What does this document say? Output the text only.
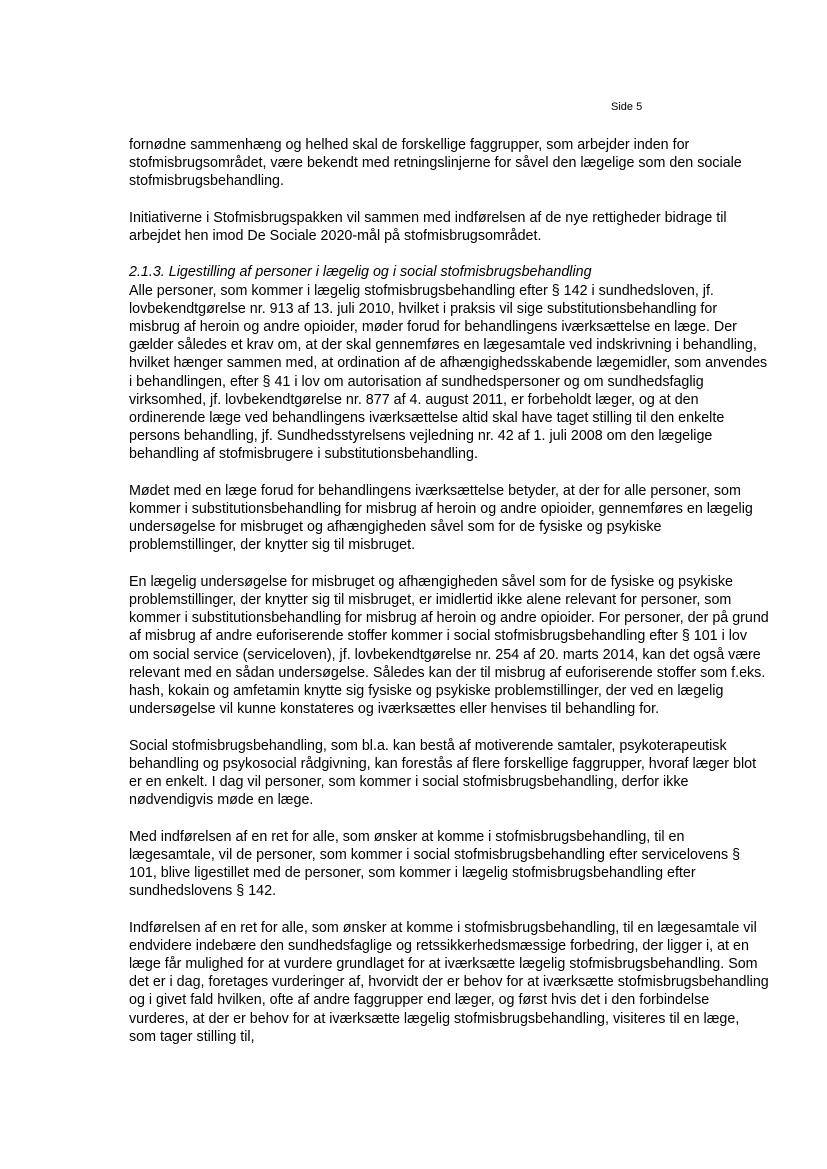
Side 5

fornødne sammenhæng og helhed skal de forskellige faggrupper, som arbejder inden for stofmisbrugsområdet, være bekendt med retningslinjerne for såvel den lægelige som den sociale stofmisbrugsbehandling.

Initiativerne i Stofmisbrugspakken vil sammen med indførelsen af de nye rettigheder bidrage til arbejdet hen imod De Sociale 2020-mål på stofmisbrugsområdet.

2.1.3. Ligestilling af personer i lægelig og i social stofmisbrugsbehandling

Alle personer, som kommer i lægelig stofmisbrugsbehandling efter § 142 i sundhedsloven, jf. lovbekendtgørelse nr. 913 af 13. juli 2010, hvilket i praksis vil sige substitutionsbehandling for misbrug af heroin og andre opioider, møder forud for behandlingens iværksættelse en læge. Der gælder således et krav om, at der skal gennemføres en lægesamtale ved indskrivning i behandling, hvilket hænger sammen med, at ordination af de afhængighedsskabende lægemidler, som anvendes i behandlingen, efter § 41 i lov om autorisation af sundhedspersoner og om sundhedsfaglig virksomhed, jf. lovbekendtgørelse nr. 877 af 4. august 2011, er forbeholdt læger, og at den ordinerende læge ved behandlingens iværksættelse altid skal have taget stilling til den enkelte persons behandling, jf. Sundhedsstyrelsens vejledning nr. 42 af 1. juli 2008 om den lægelige behandling af stofmisbrugere i substitutionsbehandling.

Mødet med en læge forud for behandlingens iværksættelse betyder, at der for alle personer, som kommer i substitutionsbehandling for misbrug af heroin og andre opioider, gennemføres en lægelig undersøgelse for misbruget og afhængigheden såvel som for de fysiske og psykiske problemstillinger, der knytter sig til misbruget.

En lægelig undersøgelse for misbruget og afhængigheden såvel som for de fysiske og psykiske problemstillinger, der knytter sig til misbruget, er imidlertid ikke alene relevant for personer, som kommer i substitutionsbehandling for misbrug af heroin og andre opioider. For personer, der på grund af misbrug af andre euforiserende stoffer kommer i social stofmisbrugsbehandling efter § 101 i lov om social service (serviceloven), jf. lovbekendtgørelse nr. 254 af 20. marts 2014, kan det også være relevant med en sådan undersøgelse. Således kan der til misbrug af euforiserende stoffer som f.eks. hash, kokain og amfetamin knytte sig fysiske og psykiske problemstillinger, der ved en lægelig undersøgelse vil kunne konstateres og iværksættes eller henvises til behandling for.

Social stofmisbrugsbehandling, som bl.a. kan bestå af motiverende samtaler, psykoterapeutisk behandling og psykosocial rådgivning, kan forestås af flere forskellige faggrupper, hvoraf læger blot er en enkelt. I dag vil personer, som kommer i social stofmisbrugsbehandling, derfor ikke nødvendigvis møde en læge.

Med indførelsen af en ret for alle, som ønsker at komme i stofmisbrugsbehandling, til en lægesamtale, vil de personer, som kommer i social stofmisbrugsbehandling efter servicelovens § 101, blive ligestillet med de personer, som kommer i lægelig stofmisbrugsbehandling efter sundhedslovens § 142.

Indførelsen af en ret for alle, som ønsker at komme i stofmisbrugsbehandling, til en lægesamtale vil endvidere indebære den sundhedsfaglige og retssikkerhedsmæssige forbedring, der ligger i, at en læge får mulighed for at vurdere grundlaget for at iværksætte lægelig stofmisbrugsbehandling. Som det er i dag, foretages vurderinger af, hvorvidt der er behov for at iværksætte stofmisbrugsbehandling og i givet fald hvilken, ofte af andre faggrupper end læger, og først hvis det i den forbindelse vurderes, at der er behov for at iværksætte lægelig stofmisbrugsbehandling, visiteres til en læge, som tager stilling til,
